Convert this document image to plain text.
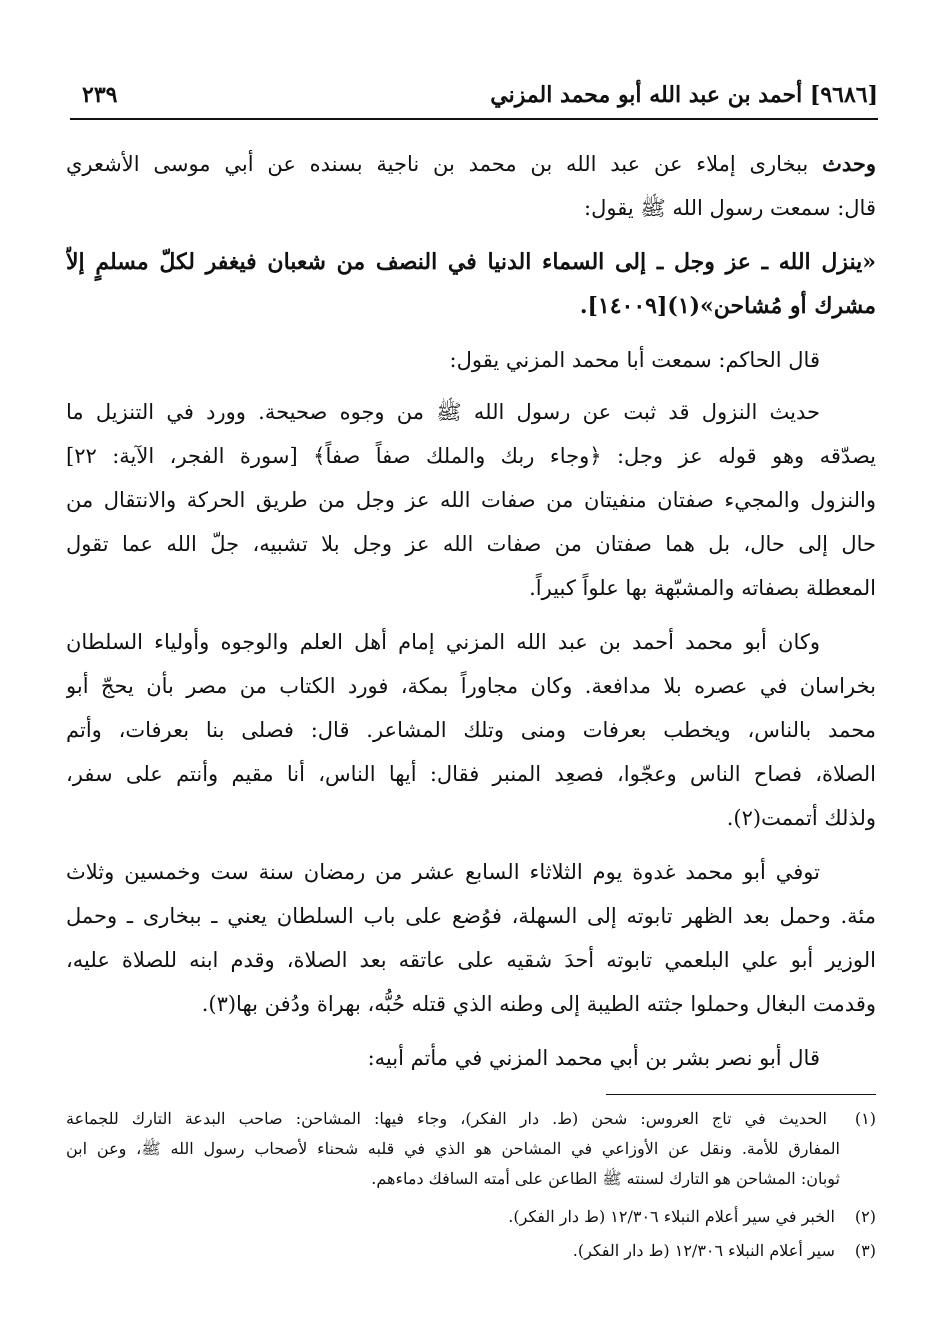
٢٣٩	[٩٦٨٦] أحمد بن عبد الله أبو محمد المزني
وحدث ببخارى إملاء عن عبد الله بن محمد بن ناجية بسنده عن أبي موسى الأشعري
قال: سمعت رسول الله ﷺ يقول:
«ينزل الله ـ عز وجل ـ إلى السماء الدنيا في النصف من شعبان فيغفر لكلّ مسلمٍ إلاّ
مشرك أو مُشاحن»(١)[١٤٠٠٩].
قال الحاكم: سمعت أبا محمد المزني يقول:
حديث النزول قد ثبت عن رسول الله ﷺ من وجوه صحيحة. وورد في التنزيل ما
يصدّقه وهو قوله عز وجل: ﴿وجاء ربك والملك صفاً صفاً﴾ [سورة الفجر، الآية: ٢٢]
والنزول والمجيء صفتان منفيتان من صفات الله عز وجل من طريق الحركة والانتقال من
حال إلى حال، بل هما صفتان من صفات الله عز وجل بلا تشبيه، جلّ الله عما تقول
المعطلة بصفاته والمشبّهة بها علواً كبيراً.
وكان أبو محمد أحمد بن عبد الله المزني إمام أهل العلم والوجوه وأولياء السلطان
بخراسان في عصره بلا مدافعة. وكان مجاوراً بمكة، فورد الكتاب من مصر بأن يحجّ أبو
محمد بالناس، ويخطب بعرفات ومنى وتلك المشاعر. قال: فصلى بنا بعرفات، وأتم
الصلاة، فصاح الناس وعجّوا، فصعِد المنبر فقال: أيها الناس، أنا مقيم وأنتم على سفر،
ولذلك أتممت(٢).
توفي أبو محمد غدوة يوم الثلاثاء السابع عشر من رمضان سنة ست وخمسين وثلاث
مئة. وحمل بعد الظهر تابوته إلى السهلة، فوُضع على باب السلطان يعني ـ ببخارى ـ وحمل
الوزير أبو علي البلعمي تابوته أحدَ شقيه على عاتقه بعد الصلاة، وقدم ابنه للصلاة عليه،
وقدمت البغال وحملوا جثته الطيبة إلى وطنه الذي قتله حُبُّه، بهراة ودُفن بها(٣).
قال أبو نصر بشر بن أبي محمد المزني في مأتم أبيه:
(١) الحديث في تاج العروس: شحن (ط. دار الفكر)، وجاء فيها: المشاحن: صاحب البدعة التارك للجماعة
المفارق للأمة. ونقل عن الأوزاعي في المشاحن هو الذي في قلبه شحناء لأصحاب رسول الله ﷺ، وعن ابن
ثوبان: المشاحن هو التارك لسنته ﷺ الطاعن على أمته السافك دماءهم.
(٢) الخبر في سير أعلام النبلاء ١٢/٣٠٦ (ط دار الفكر).
(٣) سير أعلام النبلاء ١٢/٣٠٦ (ط دار الفكر).
